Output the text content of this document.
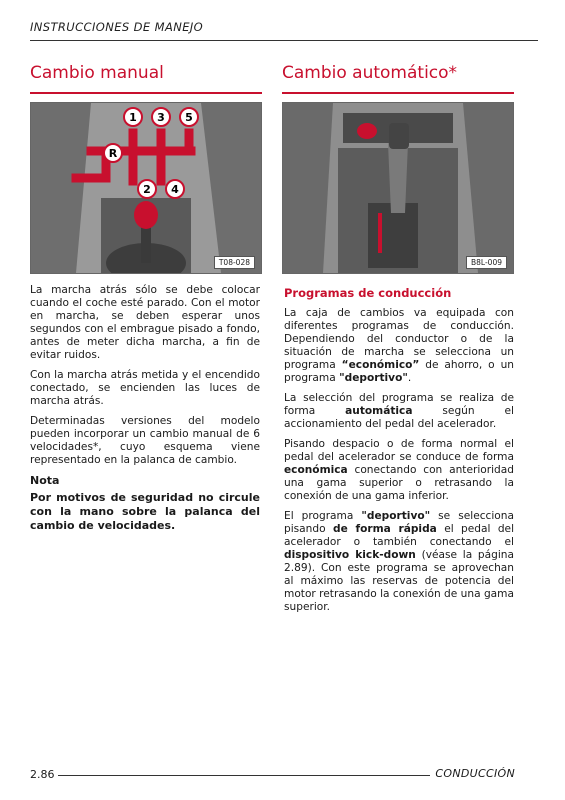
INSTRUCCIONES DE MANEJO
Cambio manual
1 3 5
R
2 4
T08-028

La marcha atrás sólo se debe colocar cuando el coche esté parado. Con el motor en marcha, se deben esperar unos segundos con el embrague pisado a fondo, antes de meter dicha marcha, a fin de evitar ruidos.

Con la marcha atrás metida y el encendido conectado, se encienden las luces de marcha atrás.

Determinadas versiones del modelo pueden incorporar un cambio manual de 6 velocidades*, cuyo esquema viene representado en la palanca de cambio.

Nota
Por motivos de seguridad no circule con la mano sobre la palanca del cambio de velocidades.
Cambio automático*
B8L-009
Programas de conducción

La caja de cambios va equipada con diferentes programas de conducción. Dependiendo del conductor o de la situación de marcha se selecciona un programa “económico” de ahorro, o un programa "deportivo".

La selección del programa se realiza de forma automática según el accionamiento del pedal del acelerador.

Pisando despacio o de forma normal el pedal del acelerador se conduce de forma económica conectando con anterioridad una gama superior o retrasando la conexión de una gama inferior.

El programa "deportivo" se selecciona pisando de forma rápida el pedal del acelerador o también conectando el dispositivo kick-down (véase la página 2.89). Con este programa se aprovechan al máximo las reservas de potencia del motor retrasando la conexión de una gama superior.

2.86	CONDUCCIÓN
